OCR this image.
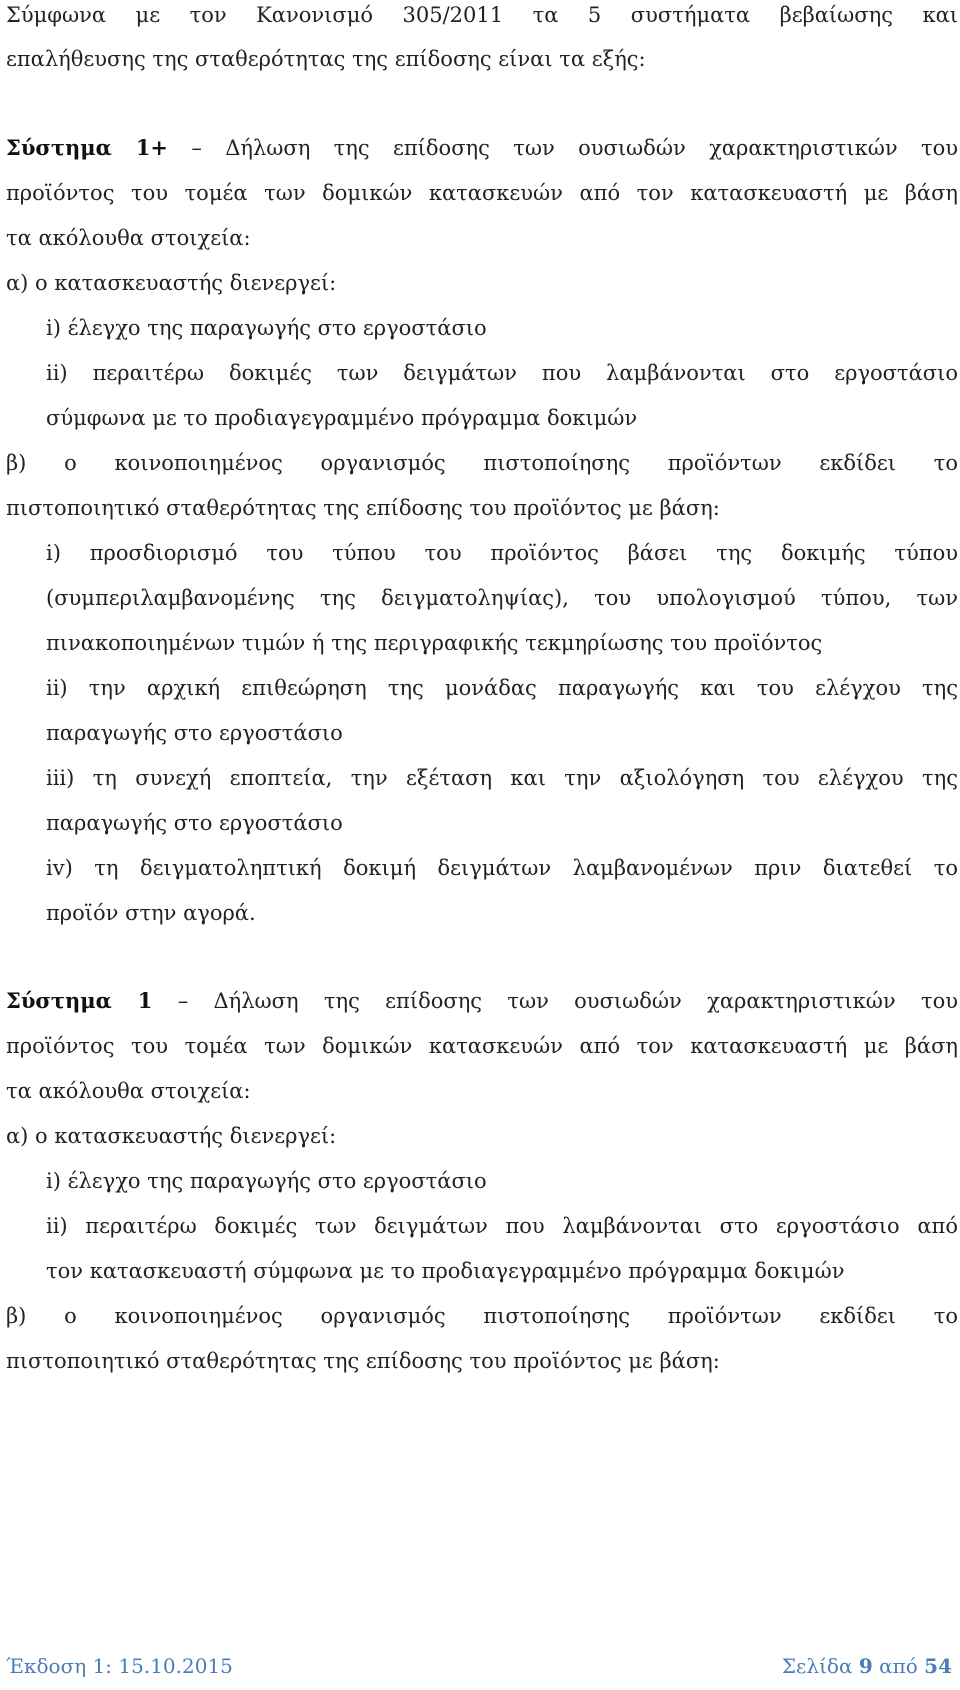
Σύμφωνα με τον Κανονισμό 305/2011 τα 5 συστήματα βεβαίωσης και
επαλήθευσης της σταθερότητας της επίδοσης είναι τα εξής:
Σύστημα 1+ – Δήλωση της επίδοσης των ουσιωδών χαρακτηριστικών του
προϊόντος του τομέα των δομικών κατασκευών από τον κατασκευαστή με βάση
τα ακόλουθα στοιχεία:
α) ο κατασκευαστής διενεργεί:
i) έλεγχο της παραγωγής στο εργοστάσιο
ii) περαιτέρω δοκιμές των δειγμάτων που λαμβάνονται στο εργοστάσιο
σύμφωνα με το προδιαγεγραμμένο πρόγραμμα δοκιμών
β) ο κοινοποιημένος οργανισμός πιστοποίησης προϊόντων εκδίδει το
πιστοποιητικό σταθερότητας της επίδοσης του προϊόντος με βάση:
i) προσδιορισμό του τύπου του προϊόντος βάσει της δοκιμής τύπου
(συμπεριλαμβανομένης της δειγματοληψίας), του υπολογισμού τύπου, των
πινακοποιημένων τιμών ή της περιγραφικής τεκμηρίωσης του προϊόντος
ii) την αρχική επιθεώρηση της μονάδας παραγωγής και του ελέγχου της
παραγωγής στο εργοστάσιο
iii) τη συνεχή εποπτεία, την εξέταση και την αξιολόγηση του ελέγχου της
παραγωγής στο εργοστάσιο
iv) τη δειγματοληπτική δοκιμή δειγμάτων λαμβανομένων πριν διατεθεί το
προϊόν στην αγορά.
Σύστημα 1 – Δήλωση της επίδοσης των ουσιωδών χαρακτηριστικών του
προϊόντος του τομέα των δομικών κατασκευών από τον κατασκευαστή με βάση
τα ακόλουθα στοιχεία:
α) ο κατασκευαστής διενεργεί:
i) έλεγχο της παραγωγής στο εργοστάσιο
ii) περαιτέρω δοκιμές των δειγμάτων που λαμβάνονται στο εργοστάσιο από
τον κατασκευαστή σύμφωνα με το προδιαγεγραμμένο πρόγραμμα δοκιμών
β) ο κοινοποιημένος οργανισμός πιστοποίησης προϊόντων εκδίδει το
πιστοποιητικό σταθερότητας της επίδοσης του προϊόντος με βάση:
Έκδοση 1: 15.10.2015	Σελίδα 9 από 54
